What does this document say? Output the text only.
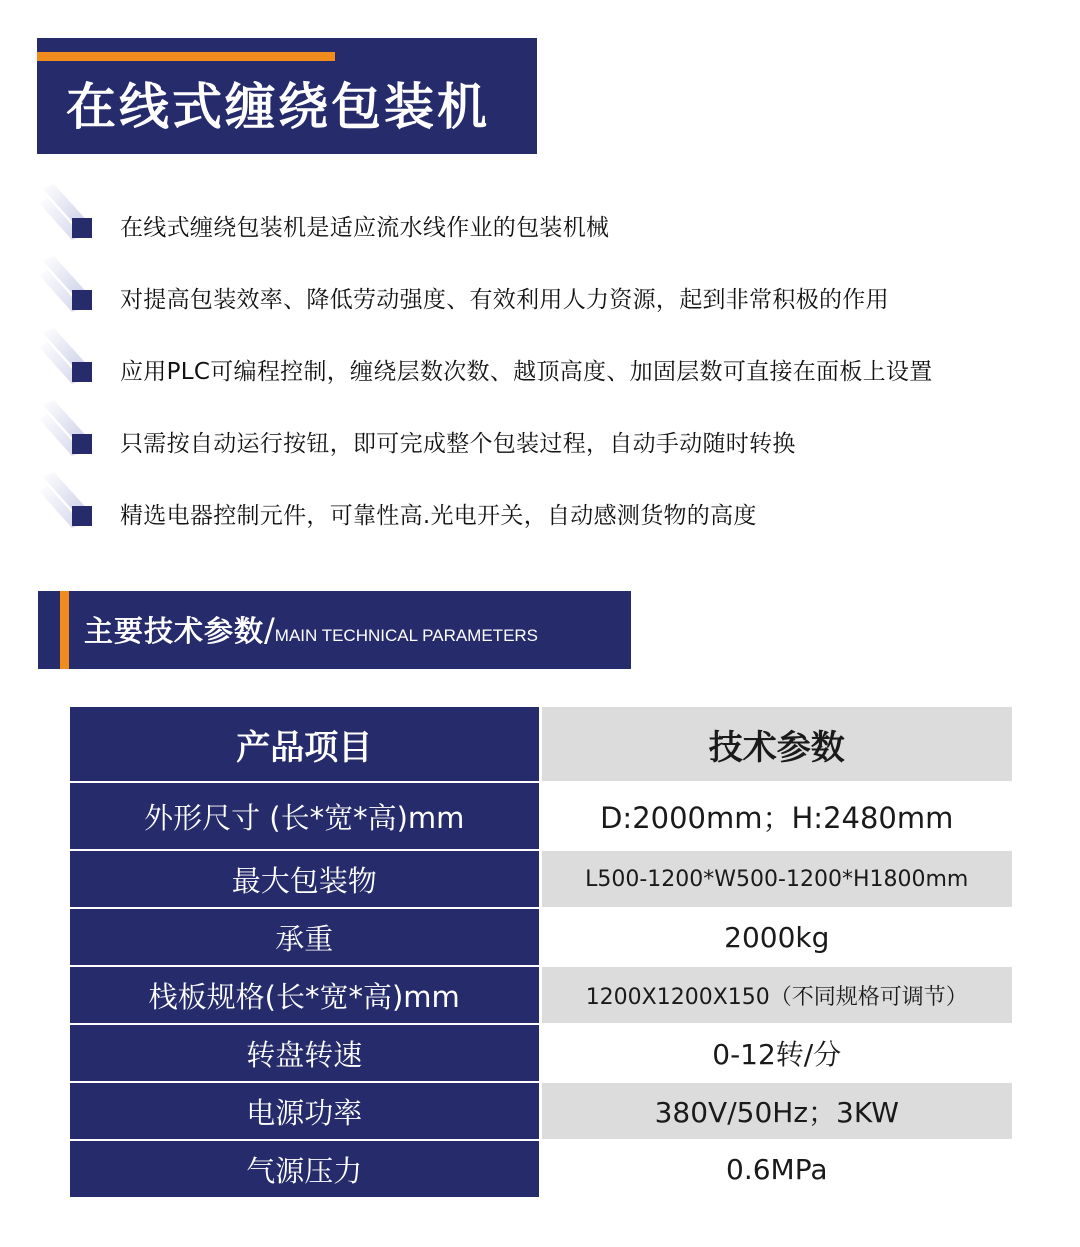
在线式缠绕包装机
在线式缠绕包装机是适应流水线作业的包装机械
对提高包装效率、降低劳动强度、有效利用人力资源，起到非常积极的作用
应用PLC可编程控制，缠绕层数次数、越顶高度、加固层数可直接在面板上设置
只需按自动运行按钮，即可完成整个包装过程，自动手动随时转换
精选电器控制元件，可靠性高.光电开关，自动感测货物的高度
主要技术参数/MAIN TECHNICAL PARAMETERS
产品项目	技术参数
外形尺寸 (长*宽*高)mm	D:2000mm；H:2480mm
最大包装物	L500-1200*W500-1200*H1800mm
承重	2000kg
栈板规格(长*宽*高)mm	1200X1200X150（不同规格可调节）
转盘转速	0-12转/分
电源功率	380V/50Hz；3KW
气源压力	0.6MPa
